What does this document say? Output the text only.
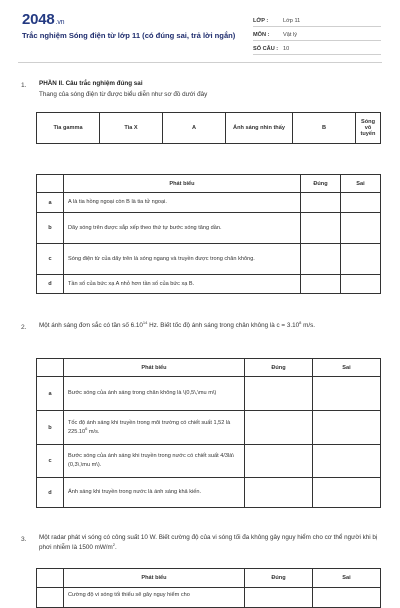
2048.vn
Trắc nghiệm Sóng điện từ lớp 11 (có đúng sai, trả lời ngắn)
LỚP :	Lớp 11
MÔN : Vật lý
SỐ CÂU : 10
1. PHẦN II. Câu trắc nghiệm đúng sai
Thang của sóng điện từ được biểu diễn như sơ đồ dưới đây
Tia gamma	Tia X	A	Ánh sáng nhìn thấy	B	Sóng vô tuyến
	Phát biểu	Đúng	Sai
a	A là tia hồng ngoại còn B là tia tử ngoại.		
b	Dãy sóng trên được sắp xếp theo thứ tự bước sóng tăng dần.		
c	Sóng điện từ của dãy trên là sóng ngang và truyền được trong chân không.		
d	Tần số của bức xạ A nhỏ hơn tần số của bức xạ B.		
2. Một ánh sáng đơn sắc có tần số 6.10$^{14}$ Hz. Biết tốc độ ánh sáng trong chân không là $c = 3.10^8$ m/s.
	Phát biểu	Đúng	Sai
a	Bước sóng của ánh sáng trong chân không là \(0,5\,\mu m\)		
b	Tốc độ ánh sáng khi truyền trong môi trường có chiết suất 1,52 là 225.10$^6$ m/s.		
c	Bước sóng của ánh sáng khi truyền trong nước có chiết suất 4/3là\(0,3\,\mu m\).		
d	Ánh sáng khi truyền trong nước là ánh sáng khả kiến.		
3. Một radar phát vi sóng có công suất 10 W. Biết cường độ của vi sóng tối đa không gây nguy hiểm cho cơ thể người khi bị phơi nhiễm là 1500 $mW/m^2$.
	Phát biểu	Đúng	Sai
	Cường độ vi sóng tối thiểu sẽ gây nguy hiểm cho		
